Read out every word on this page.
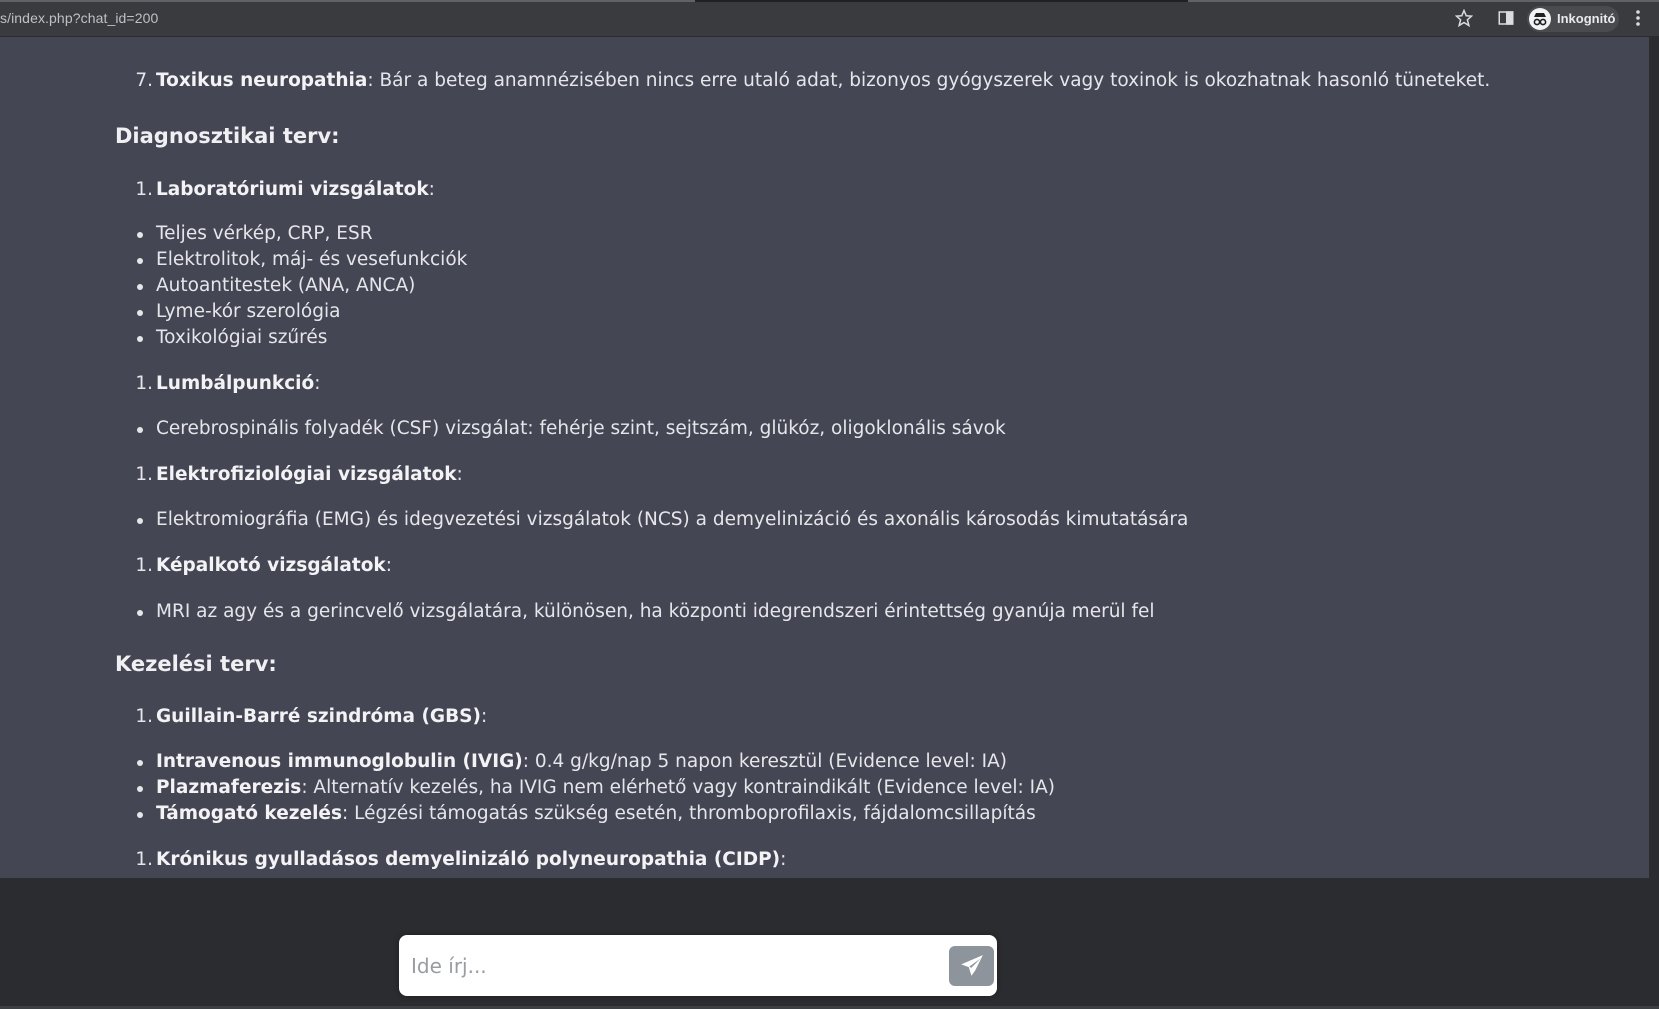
s/index.php?chat_id=200	Inkognitó
7. Toxikus neuropathia: Bár a beteg anamnézisében nincs erre utaló adat, bizonyos gyógyszerek vagy toxinok is okozhatnak hasonló tüneteket.
Diagnosztikai terv:
1. Laboratóriumi vizsgálatok:
Teljes vérkép, CRP, ESR
Elektrolitok, máj- és vesefunkciók
Autoantitestek (ANA, ANCA)
Lyme-kór szerológia
Toxikológiai szűrés
1. Lumbálpunkció:
Cerebrospinális folyadék (CSF) vizsgálat: fehérje szint, sejtszám, glükóz, oligoklonális sávok
1. Elektrofiziológiai vizsgálatok:
Elektromiográfia (EMG) és idegvezetési vizsgálatok (NCS) a demyelinizáció és axonális károsodás kimutatására
1. Képalkotó vizsgálatok:
MRI az agy és a gerincvelő vizsgálatára, különösen, ha központi idegrendszeri érintettség gyanúja merül fel
Kezelési terv:
1. Guillain-Barré szindróma (GBS):
Intravenous immunoglobulin (IVIG): 0.4 g/kg/nap 5 napon keresztül (Evidence level: IA)
Plazmaferezis: Alternatív kezelés, ha IVIG nem elérhető vagy kontraindikált (Evidence level: IA)
Támogató kezelés: Légzési támogatás szükség esetén, thromboprofilaxis, fájdalomcsillapítás
1. Krónikus gyulladásos demyelinizáló polyneuropathia (CIDP):
Ide írj...
